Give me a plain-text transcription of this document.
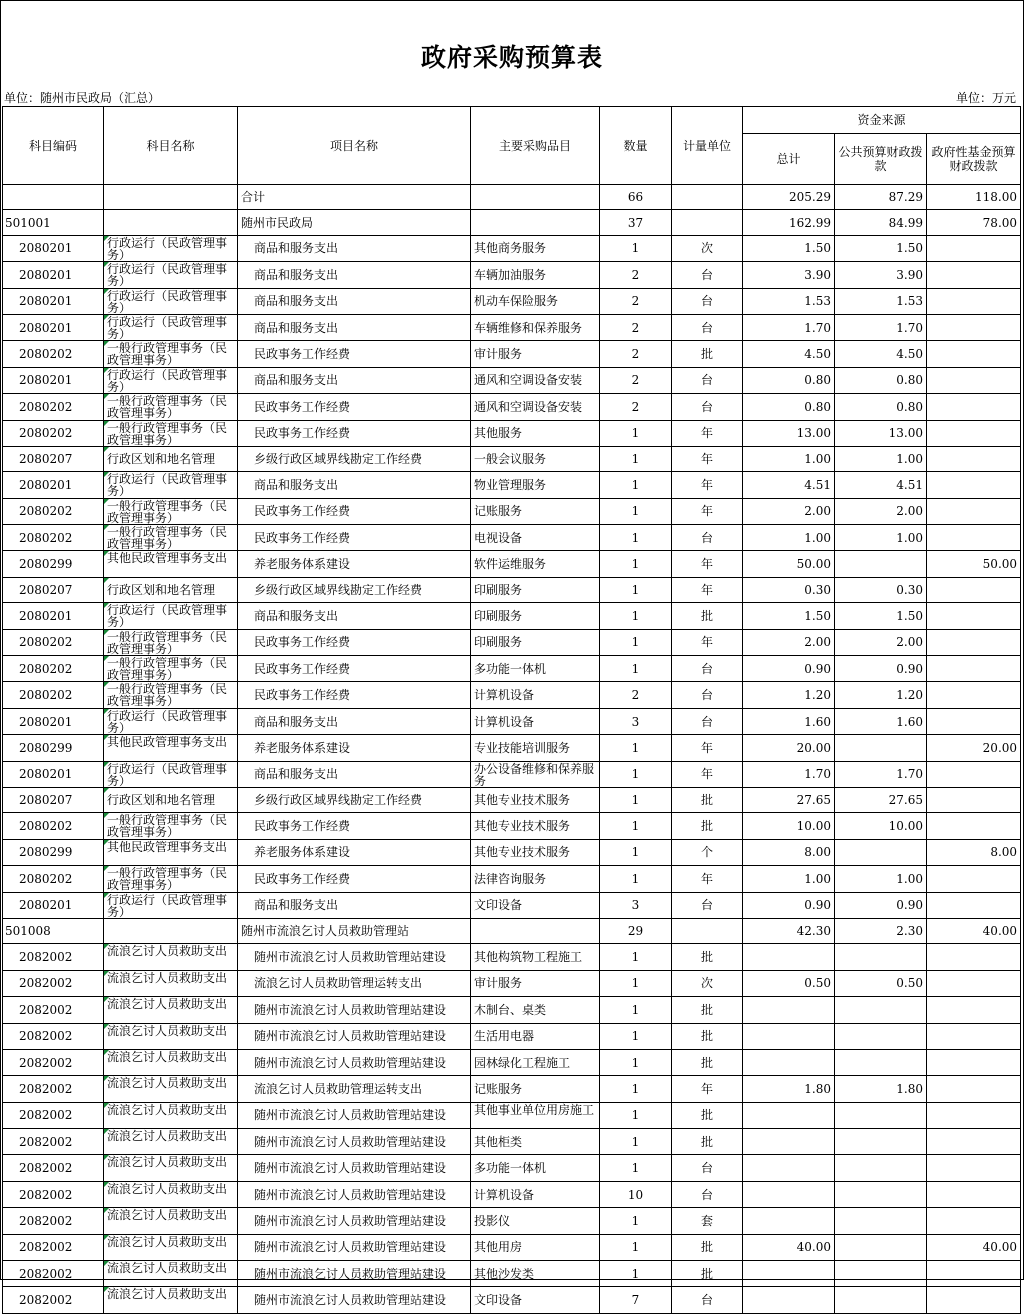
政府采购预算表
单位：随州市民政局（汇总）	单位：万元
科目编码	科目名称	项目名称	主要采购品目	数量	计量单位	资金来源		
						总计	公共预算财政拨款	政府性基金预算财政拨款
		合计		66		205.29	87.29	118.00
501001		随州市民政局		37		162.99	84.99	78.00
2080201	行政运行（民政管理事务）	商品和服务支出	其他商务服务	1	次	1.50	1.50	
2080201	行政运行（民政管理事务）	商品和服务支出	车辆加油服务	2	台	3.90	3.90	
2080201	行政运行（民政管理事务）	商品和服务支出	机动车保险服务	2	台	1.53	1.53	
2080201	行政运行（民政管理事务）	商品和服务支出	车辆维修和保养服务	2	台	1.70	1.70	
2080202	一般行政管理事务（民政管理事务）	民政事务工作经费	审计服务	2	批	4.50	4.50	
2080201	行政运行（民政管理事务）	商品和服务支出	通风和空调设备安装	2	台	0.80	0.80	
2080202	一般行政管理事务（民政管理事务）	民政事务工作经费	通风和空调设备安装	2	台	0.80	0.80	
2080202	一般行政管理事务（民政管理事务）	民政事务工作经费	其他服务	1	年	13.00	13.00	
2080207	行政区划和地名管理	乡级行政区域界线勘定工作经费	一般会议服务	1	年	1.00	1.00	
2080201	行政运行（民政管理事务）	商品和服务支出	物业管理服务	1	年	4.51	4.51	
2080202	一般行政管理事务（民政管理事务）	民政事务工作经费	记账服务	1	年	2.00	2.00	
2080202	一般行政管理事务（民政管理事务）	民政事务工作经费	电视设备	1	台	1.00	1.00	
2080299	其他民政管理事务支出	养老服务体系建设	软件运维服务	1	年	50.00		50.00
2080207	行政区划和地名管理	乡级行政区域界线勘定工作经费	印刷服务	1	年	0.30	0.30	
2080201	行政运行（民政管理事务）	商品和服务支出	印刷服务	1	批	1.50	1.50	
2080202	一般行政管理事务（民政管理事务）	民政事务工作经费	印刷服务	1	年	2.00	2.00	
2080202	一般行政管理事务（民政管理事务）	民政事务工作经费	多功能一体机	1	台	0.90	0.90	
2080202	一般行政管理事务（民政管理事务）	民政事务工作经费	计算机设备	2	台	1.20	1.20	
2080201	行政运行（民政管理事务）	商品和服务支出	计算机设备	3	台	1.60	1.60	
2080299	其他民政管理事务支出	养老服务体系建设	专业技能培训服务	1	年	20.00		20.00
2080201	行政运行（民政管理事务）	商品和服务支出	办公设备维修和保养服务	1	年	1.70	1.70	
2080207	行政区划和地名管理	乡级行政区域界线勘定工作经费	其他专业技术服务	1	批	27.65	27.65	
2080202	一般行政管理事务（民政管理事务）	民政事务工作经费	其他专业技术服务	1	批	10.00	10.00	
2080299	其他民政管理事务支出	养老服务体系建设	其他专业技术服务	1	个	8.00		8.00
2080202	一般行政管理事务（民政管理事务）	民政事务工作经费	法律咨询服务	1	年	1.00	1.00	
2080201	行政运行（民政管理事务）	商品和服务支出	文印设备	3	台	0.90	0.90	
501008		随州市流浪乞讨人员救助管理站		29		42.30	2.30	40.00
2082002	流浪乞讨人员救助支出	随州市流浪乞讨人员救助管理站建设	其他构筑物工程施工	1	批			
2082002	流浪乞讨人员救助支出	流浪乞讨人员救助管理运转支出	审计服务	1	次	0.50	0.50	
2082002	流浪乞讨人员救助支出	随州市流浪乞讨人员救助管理站建设	木制台、桌类	1	批			
2082002	流浪乞讨人员救助支出	随州市流浪乞讨人员救助管理站建设	生活用电器	1	批			
2082002	流浪乞讨人员救助支出	随州市流浪乞讨人员救助管理站建设	园林绿化工程施工	1	批			
2082002	流浪乞讨人员救助支出	流浪乞讨人员救助管理运转支出	记账服务	1	年	1.80	1.80	
2082002	流浪乞讨人员救助支出	随州市流浪乞讨人员救助管理站建设	其他事业单位用房施工	1	批			
2082002	流浪乞讨人员救助支出	随州市流浪乞讨人员救助管理站建设	其他柜类	1	批			
2082002	流浪乞讨人员救助支出	随州市流浪乞讨人员救助管理站建设	多功能一体机	1	台			
2082002	流浪乞讨人员救助支出	随州市流浪乞讨人员救助管理站建设	计算机设备	10	台			
2082002	流浪乞讨人员救助支出	随州市流浪乞讨人员救助管理站建设	投影仪	1	套			
2082002	流浪乞讨人员救助支出	随州市流浪乞讨人员救助管理站建设	其他用房	1	批	40.00		40.00
2082002	流浪乞讨人员救助支出	随州市流浪乞讨人员救助管理站建设	其他沙发类	1	批			
2082002	流浪乞讨人员救助支出	随州市流浪乞讨人员救助管理站建设	文印设备	7	台			
